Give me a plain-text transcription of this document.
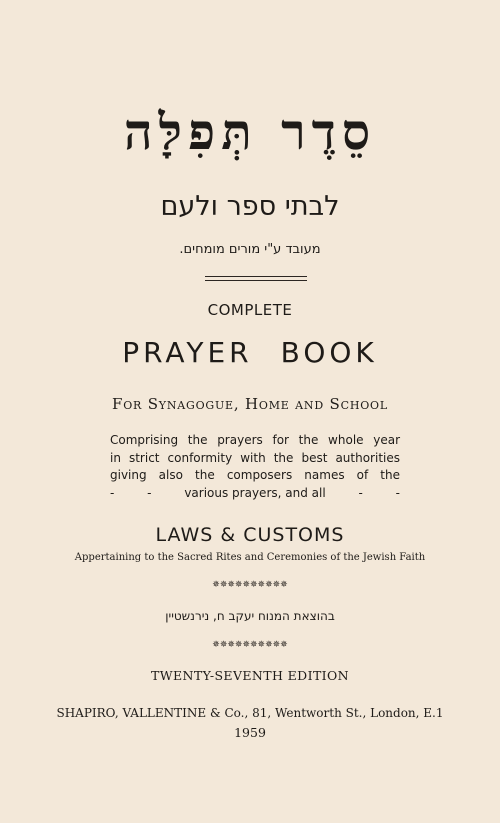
סֵדֶר תְּפִלָּה
לבתי ספר ולעם
מעובד ע"י מורים מומחים.
COMPLETE
PRAYER BOOK
For Synagogue, Home and School
Comprising the prayers for the whole year
in strict conformity with the best authorities
giving also the composers names of the
-	-	various prayers, and all	-	-
LAWS & CUSTOMS
Appertaining to the Sacred Rites and Ceremonies of the Jewish Faith
✵✵✵✵✵✵✵✵✵✵
בהוצאת המנוח יעקב ח, נירנשטיין
✵✵✵✵✵✵✵✵✵✵
TWENTY-SEVENTH EDITION
SHAPIRO, VALLENTINE & Co., 81, Wentworth St., London, E.1
1959
